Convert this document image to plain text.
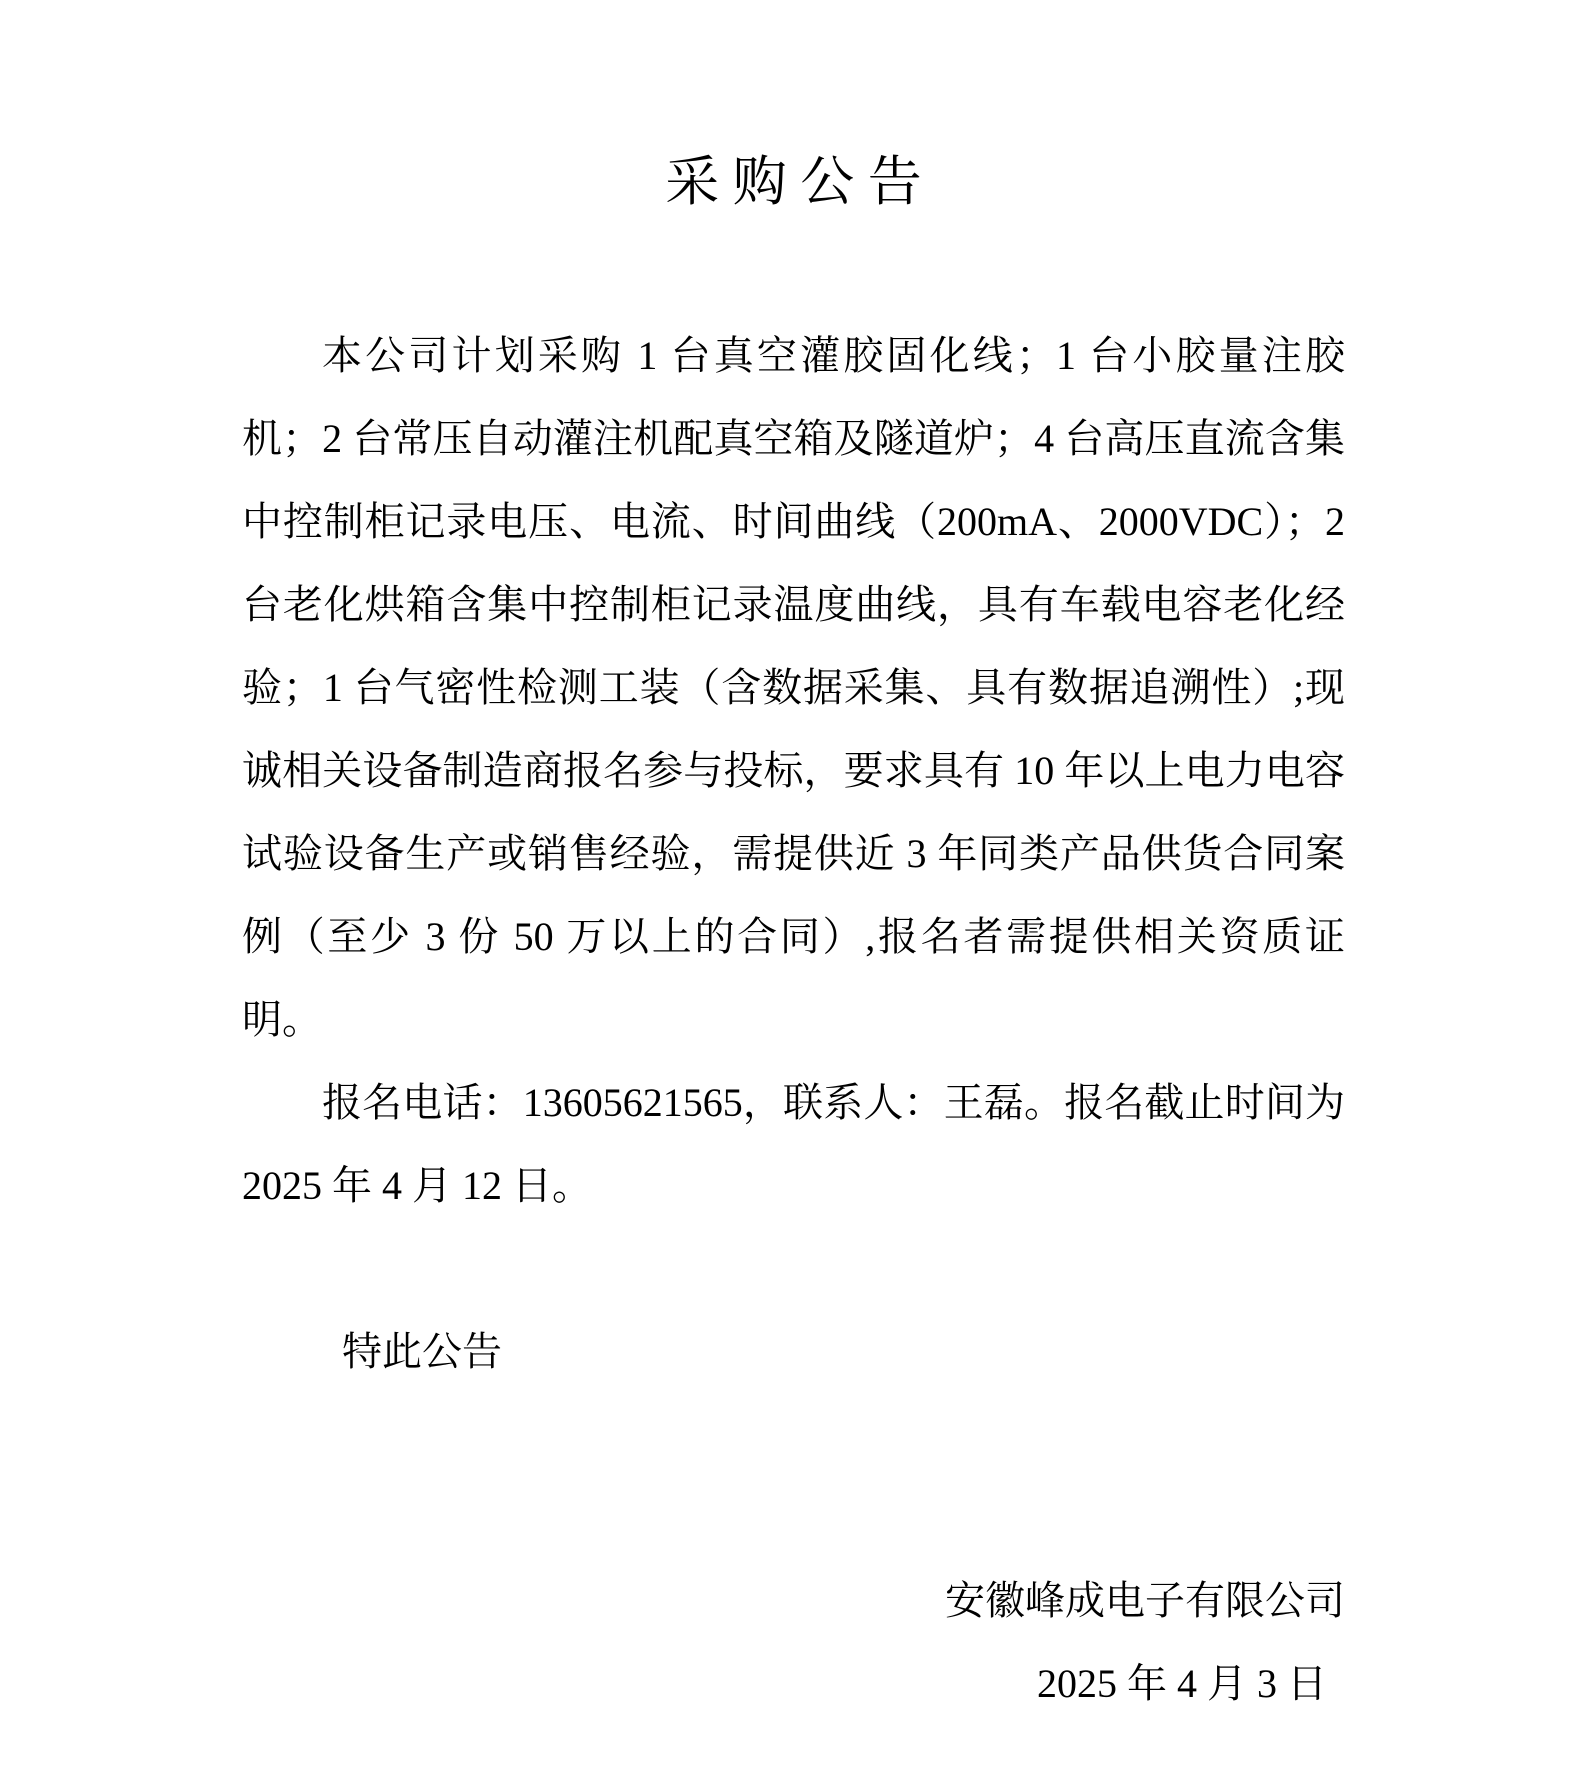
采 购 公 告

本公司计划采购 1 台真空灌胶固化线；1 台小胶量注胶机；2 台常压自动灌注机配真空箱及隧道炉；4 台高压直流含集中控制柜记录电压、电流、时间曲线（200mA、2000VDC）；2 台老化烘箱含集中控制柜记录温度曲线，具有车载电容老化经验；1 台气密性检测工装（含数据采集、具有数据追溯性）;现诚相关设备制造商报名参与投标，要求具有 10 年以上电力电容试验设备生产或销售经验，需提供近 3 年同类产品供货合同案例（至少 3 份 50 万以上的合同）,报名者需提供相关资质证明。

报名电话：13605621565，联系人：王磊。报名截止时间为 2025 年 4 月 12 日。

特此公告

安徽峰成电子有限公司

2025 年 4 月 3 日
